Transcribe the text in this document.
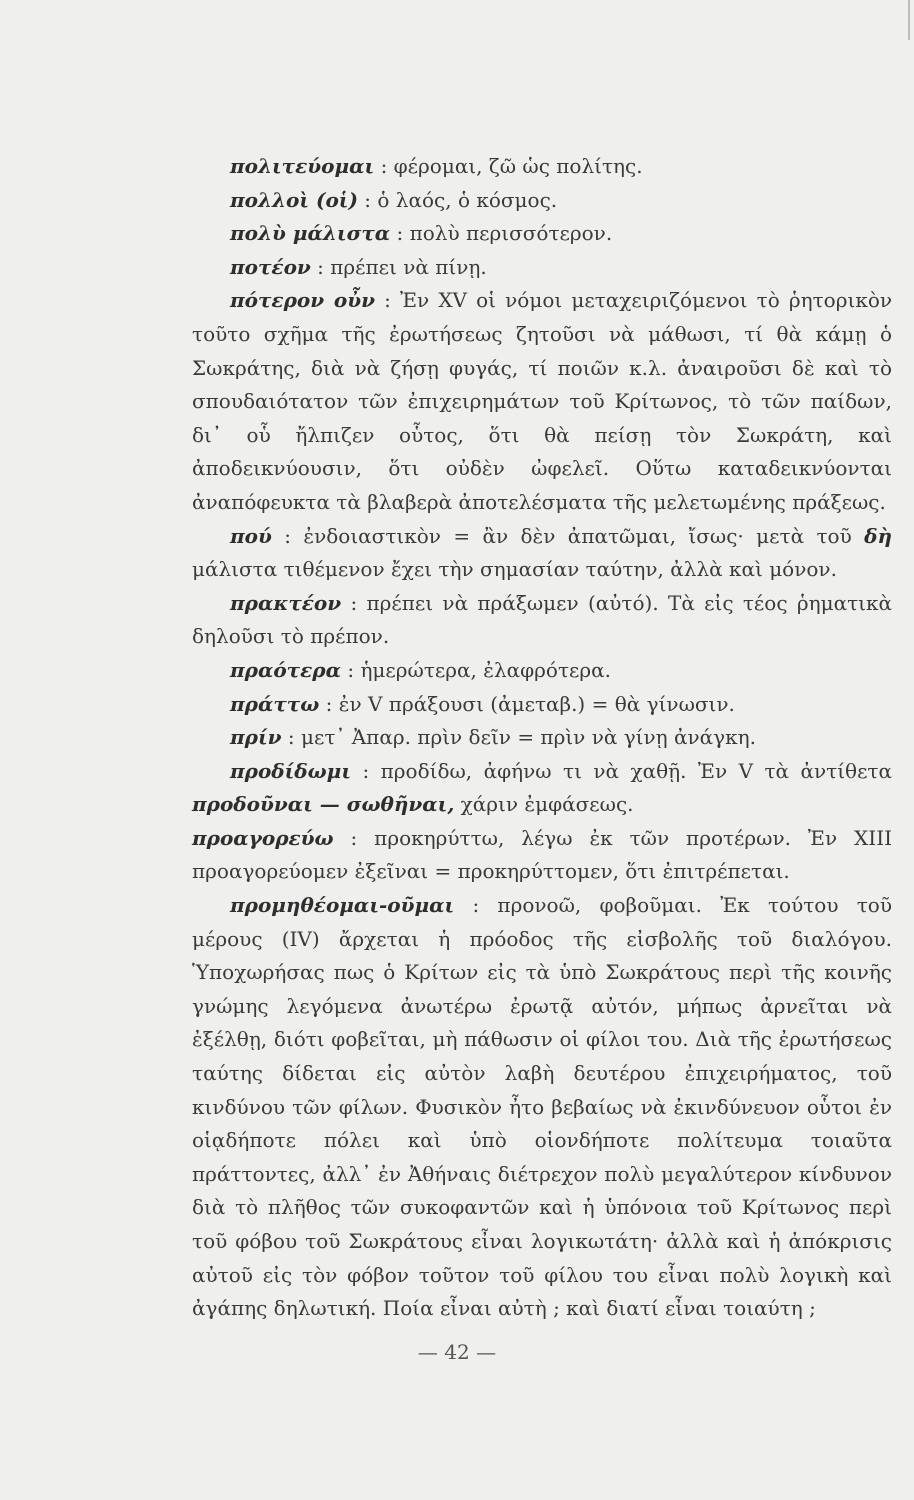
πολιτεύομαι : φέρομαι, ζῶ ὡς πολίτης.

πολλοὶ (οἱ) : ὁ λαός, ὁ κόσμος.

πολὺ μάλιστα : πολὺ περισσότερον.

ποτέον : πρέπει νὰ πίνῃ.

πότερον οὖν : Ἐν XV οἱ νόμοι μεταχειριζόμενοι τὸ ῥητορικὸν τοῦτο σχῆμα τῆς ἐρωτήσεως ζητοῦσι νὰ μάθωσι, τί θὰ κάμῃ ὁ Σωκράτης, διὰ νὰ ζήσῃ φυγάς, τί ποιῶν κ.λ. ἀναιροῦσι δὲ καὶ τὸ σπουδαιότατον τῶν ἐπιχειρημάτων τοῦ Κρίτωνος, τὸ τῶν παίδων, δι᾽ οὗ ἤλπιζεν οὗτος, ὅτι θὰ πείσῃ τὸν Σωκράτη, καὶ ἀποδεικνύουσιν, ὅτι οὐδὲν ὠφελεῖ. Οὕτω καταδεικνύονται ἀναπόφευκτα τὰ βλαβερὰ ἀποτελέσματα τῆς μελετωμένης πράξεως.

πού : ἐνδοιαστικὸν = ἂν δὲν ἀπατῶμαι, ἴσως· μετὰ τοῦ δὴ μάλιστα τιθέμενον ἔχει τὴν σημασίαν ταύτην, ἀλλὰ καὶ μόνον.

πρακτέον : πρέπει νὰ πράξωμεν (αὐτό). Τὰ εἰς τέος ῥηματικὰ δηλοῦσι τὸ πρέπον.

πραότερα : ἡμερώτερα, ἐλαφρότερα.

πράττω : ἐν V πράξουσι (ἀμεταβ.) = θὰ γίνωσιν.

πρίν : μετ᾽ Ἀπαρ. πρὶν δεῖν = πρὶν νὰ γίνῃ ἀνάγκη.

προδίδωμι : προδίδω, ἀφήνω τι νὰ χαθῇ. Ἐν V τὰ ἀντίθετα προδοῦναι — σωθῆναι, χάριν ἐμφάσεως.

προαγορεύω : προκηρύττω, λέγω ἐκ τῶν προτέρων. Ἐν XIII προαγορεύομεν ἐξεῖναι = προκηρύττομεν, ὅτι ἐπιτρέπεται.

προμηθέομαι-οῦμαι : προνοῶ, φοβοῦμαι. Ἐκ τούτου τοῦ μέρους (IV) ἄρχεται ἡ πρόοδος τῆς εἰσβολῆς τοῦ διαλόγου. Ὑποχωρήσας πως ὁ Κρίτων εἰς τὰ ὑπὸ Σωκράτους περὶ τῆς κοινῆς γνώμης λεγόμενα ἀνωτέρω ἐρωτᾷ αὐτόν, μήπως ἀρνεῖται νὰ ἐξέλθῃ, διότι φοβεῖται, μὴ πάθωσιν οἱ φίλοι του. Διὰ τῆς ἐρωτήσεως ταύτης δίδεται εἰς αὐτὸν λαβὴ δευτέρου ἐπιχειρήματος, τοῦ κινδύνου τῶν φίλων. Φυσικὸν ἦτο βεβαίως νὰ ἐκινδύνευον οὗτοι ἐν οἱᾳδήποτε πόλει καὶ ὑπὸ οἱονδήποτε πολίτευμα τοιαῦτα πράττοντες, ἀλλ᾽ ἐν Ἀθήναις διέτρεχον πολὺ μεγαλύτερον κίνδυνον διὰ τὸ πλῆθος τῶν συκοφαντῶν καὶ ἡ ὑπόνοια τοῦ Κρίτωνος περὶ τοῦ φόβου τοῦ Σωκράτους εἶναι λογικωτάτη· ἀλλὰ καὶ ἡ ἀπόκρισις αὐτοῦ εἰς τὸν φόβον τοῦτον τοῦ φίλου του εἶναι πολὺ λογικὴ καὶ ἀγάπης δηλωτική. Ποία εἶναι αὐτὴ ; καὶ διατί εἶναι τοιαύτη ;

— 42 —
